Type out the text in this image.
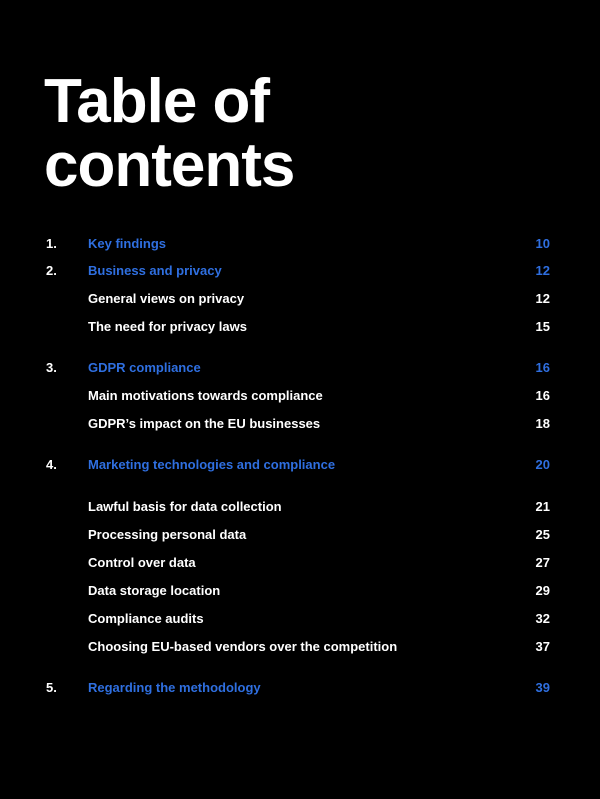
Table of
contents
1. Key findings	10
2. Business and privacy	12
General views on privacy	12
The need for privacy laws	15
3. GDPR compliance	16
Main motivations towards compliance	16
GDPR’s impact on the EU businesses	18
4. Marketing technologies and compliance	20
Lawful basis for data collection	21
Processing personal data	25
Control over data	27
Data storage location	29
Compliance audits	32
Choosing EU-based vendors over the competition	37
5. Regarding the methodology	39
